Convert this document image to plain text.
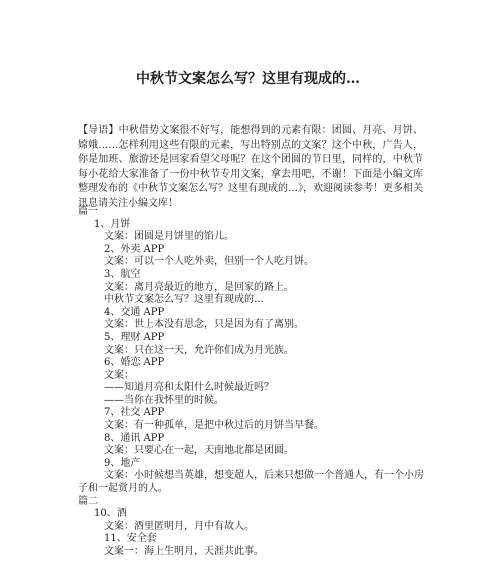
中秋节文案怎么写？这里有现成的…
【导语】中秋借势文案很不好写，能想得到的元素有限：团圆、月亮、月饼、嫦娥……怎样利用这些有限的元素，写出特别点的文案？这个中秋，广告人，你是加班、旅游还是回家看望父母呢？在这个团圆的节日里，同样的，中秋节每小花给大家准备了一份中秋节专用文案，拿去用吧，不谢！下面是小编文库整理发布的《中秋节文案怎么写？这里有现成的…》，欢迎阅读参考！更多相关讯息请关注小编文库！
篇一
1、月饼
文案：团圆是月饼里的馅儿。
2、外卖 APP
文案：可以一个人吃外卖，但别一个人吃月饼。
3、航空
文案：离月亮最近的地方，是回家的路上。
中秋节文案怎么写？这里有现成的…
4、交通 APP
文案：世上本没有思念，只是因为有了离别。
5、理财 APP
文案：只在这一天，允许你们成为月光族。
6、婚恋 APP
文案：
——知道月亮和太阳什么时候最近吗？
——当你在我怀里的时候。
7、社交 APP
文案：有一种孤单，是把中秋过后的月饼当早餐。
8、通讯 APP
文案：只要心在一起，天南地北都是团圆。
9、地产
文案：小时候想当英雄，想变超人，后来只想做一个普通人，有一个小房
子和一起赏月的人。
篇二
10、酒
文案：酒里匿明月，月中有故人。
11、安全套
文案一：海上生明月，天涯共此事。
